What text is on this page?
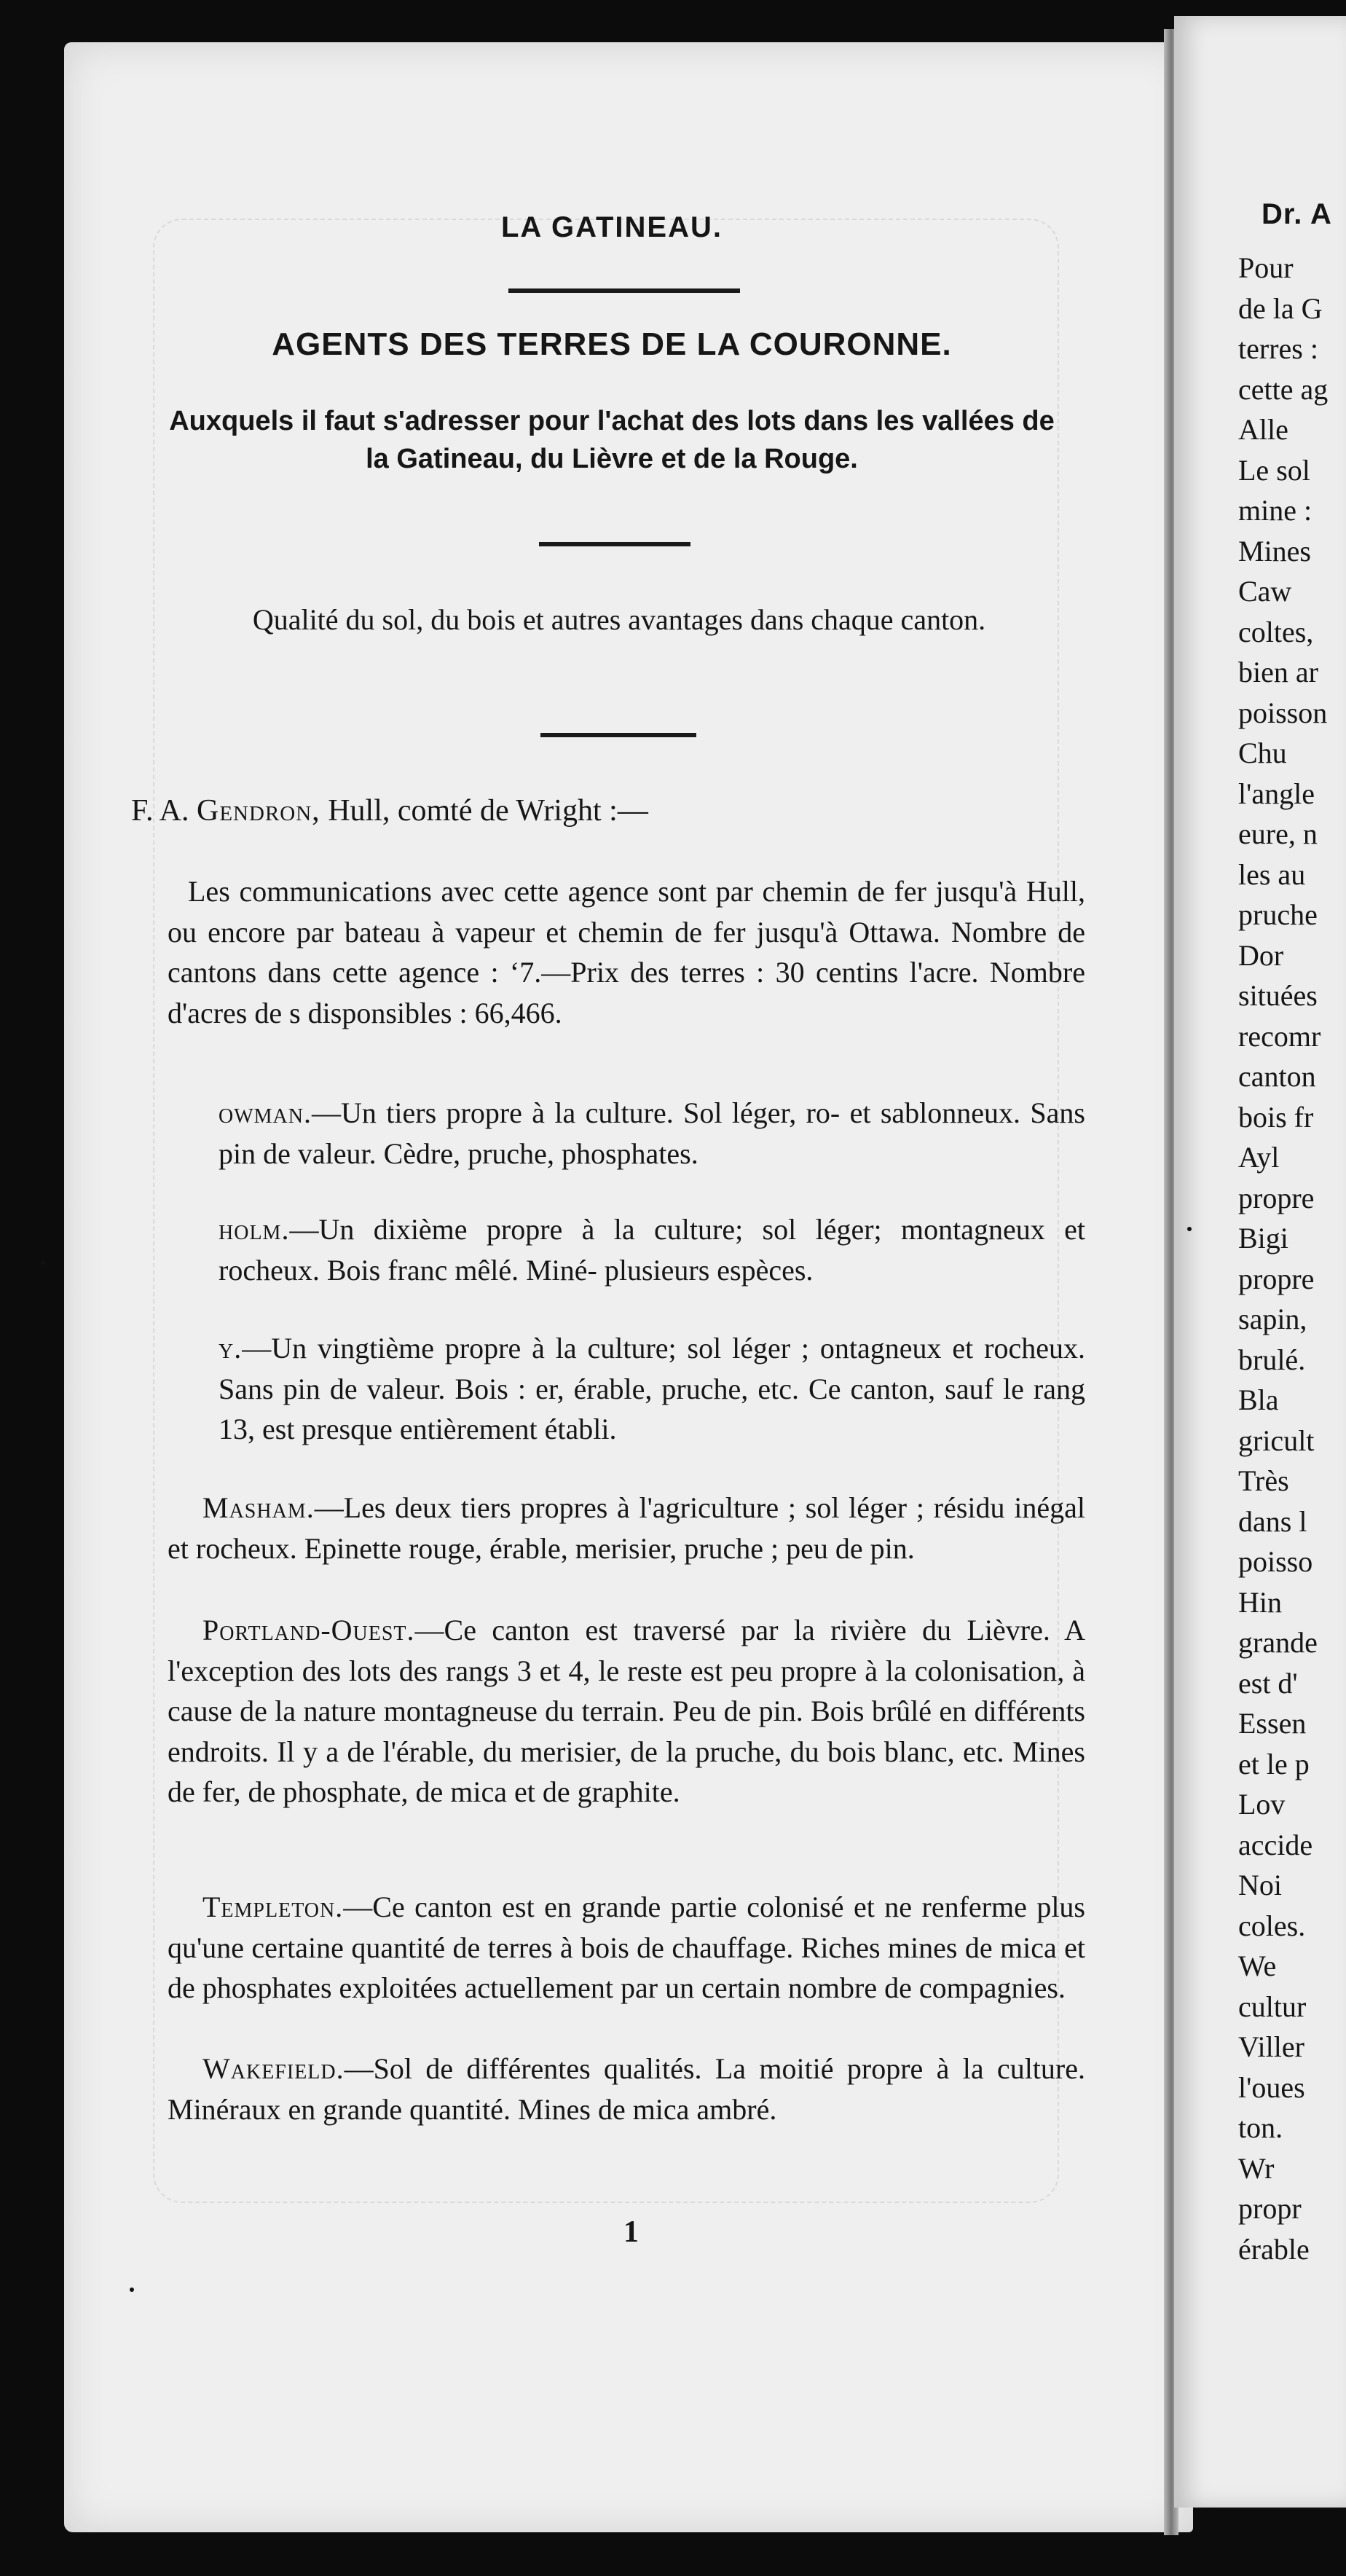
LA GATINEAU.
AGENTS DES TERRES DE LA COURONNE.
Auxquels il faut s'adresser pour l'achat des lots dans les vallées de la Gatineau, du Lièvre et de la Rouge.
Qualité du sol, du bois et autres avantages dans chaque canton.
F. A. Gendron, Hull, comté de Wright :—
Les communications avec cette agence sont par chemin de fer jusqu'à Hull, ou encore par bateau à vapeur et chemin de fer jusqu'à Ottawa. Nombre de cantons dans cette agence : ‘7.—Prix des terres : 30 centins l'acre. Nombre d'acres de s disponsibles : 66,466.
owman.—Un tiers propre à la culture. Sol léger, ro- et sablonneux. Sans pin de valeur. Cèdre, pruche, phosphates.
holm.—Un dixième propre à la culture; sol léger; montagneux et rocheux. Bois franc mêlé. Miné- plusieurs espèces.
y.—Un vingtième propre à la culture; sol léger ; ontagneux et rocheux. Sans pin de valeur. Bois : er, érable, pruche, etc. Ce canton, sauf le rang 13, est presque entièrement établi.
Masham.—Les deux tiers propres à l'agriculture ; sol léger ; résidu inégal et rocheux. Epinette rouge, érable, merisier, pruche ; peu de pin.
Portland-Ouest.—Ce canton est traversé par la rivière du Lièvre. A l'exception des lots des rangs 3 et 4, le reste est peu propre à la colonisation, à cause de la nature montagneuse du terrain. Peu de pin. Bois brûlé en différents endroits. Il y a de l'érable, du merisier, de la pruche, du bois blanc, etc. Mines de fer, de phosphate, de mica et de graphite.
Templeton.—Ce canton est en grande partie colonisé et ne renferme plus qu'une certaine quantité de terres à bois de chauffage. Riches mines de mica et de phosphates exploitées actuellement par un certain nombre de compagnies.
Wakefield.—Sol de différentes qualités. La moitié propre à la culture. Minéraux en grande quantité. Mines de mica ambré.
1
Dr. A
Pour
de la G
terres :
cette ag
Alle
Le sol
mine :
Mines
Caw
coltes,
bien ar
poisson
Chu
l'angle
eure, n
les au
pruche
Dor
situées
recomr
canton
bois fr
Ayl
propre
Bigi
propre
sapin,
brulé.
Bla
gricult
Très
dans l
poisso
Hin
grande
est d'
Essen
et le p
Lov
accide
Noi
coles.
We
cultur
Viller
l'oues
ton.
Wr
propr
érable
